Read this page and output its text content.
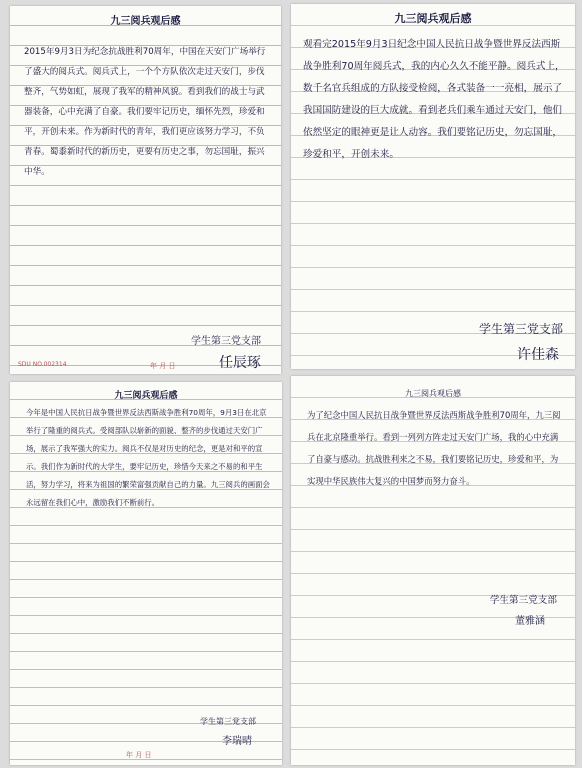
九三阅兵观后感
2015年9月3日为纪念抗战胜利70周年，中国在天安门广场举行了盛大的阅兵式。阅兵式上，一个个方队依次走过天安门，步伐整齐，气势如虹，展现了我军的精神风貌。看到我们的战士与武器装备，心中充满了自豪。我们要牢记历史，缅怀先烈，珍爱和平，开创未来。作为新时代的青年，我们更应该努力学习，不负青春。蜀黍新时代的新历史，更要有历史之事，勿忘国耻，振兴中华。
学生第三党支部
任辰琢
SDU NO.002314	年 月 日
九三阅兵观后感
观看完2015年9月3日纪念中国人民抗日战争暨世界反法西斯战争胜利70周年阅兵式，我的内心久久不能平静。阅兵式上，数千名官兵组成的方队接受检阅，各式装备一一亮相，展示了我国国防建设的巨大成就。看到老兵们乘车通过天安门，他们依然坚定的眼神更是让人动容。我们要铭记历史，勿忘国耻，珍爱和平，开创未来。
学生第三党支部
许佳森
九三阅兵观后感
今年是中国人民抗日战争暨世界反法西斯战争胜利70周年，9月3日在北京举行了隆重的阅兵式。受阅部队以崭新的面貌、整齐的步伐通过天安门广场，展示了我军强大的实力。阅兵不仅是对历史的纪念，更是对和平的宣示。我们作为新时代的大学生，要牢记历史，珍惜今天来之不易的和平生活，努力学习，将来为祖国的繁荣富强贡献自己的力量。九三阅兵的画面会永远留在我们心中，激励我们不断前行。
学生第三党支部
李瑞晴
年 月 日
九三阅兵观后感
为了纪念中国人民抗日战争暨世界反法西斯战争胜利70周年，九三阅兵在北京隆重举行。看到一列列方阵走过天安门广场，我的心中充满了自豪与感动。抗战胜利来之不易，我们要铭记历史，珍爱和平，为实现中华民族伟大复兴的中国梦而努力奋斗。
学生第三党支部
董雅涵
